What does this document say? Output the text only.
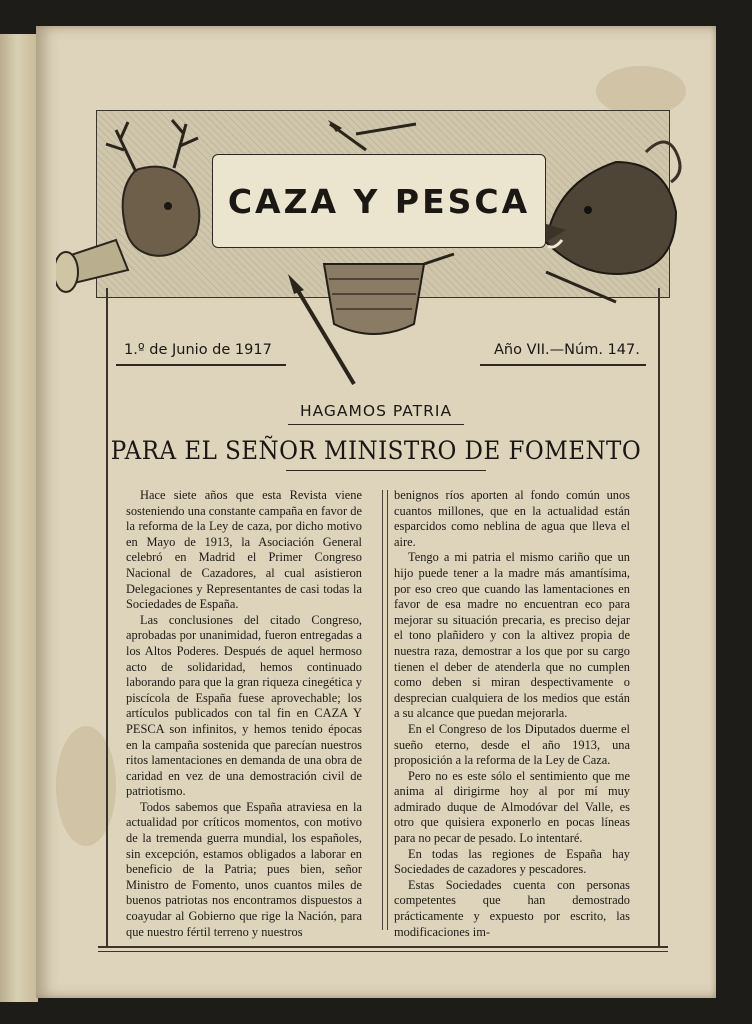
CAZA Y PESCA
1.º de Junio de 1917	Año VII.—Núm. 147.
HAGAMOS PATRIA
PARA EL SEÑOR MINISTRO DE FOMENTO

Hace siete años que esta Revista viene sosteniendo una constante campaña en favor de la reforma de la Ley de caza, por dicho motivo en Mayo de 1913, la Asociación General celebró en Madrid el Primer Congreso Nacional de Cazadores, al cual asistieron Delegaciones y Representantes de casi todas la Sociedades de España.

Las conclusiones del citado Congreso, aprobadas por unanimidad, fueron entregadas a los Altos Poderes. Después de aquel hermoso acto de solidaridad, hemos continuado laborando para que la gran riqueza cinegética y piscícola de España fuese aprovechable; los artículos publicados con tal fin en CAZA Y PESCA son infinitos, y hemos tenido épocas en la campaña sostenida que parecían nuestros ritos lamentaciones en demanda de una obra de caridad en vez de una demostración civil de patriotismo.

Todos sabemos que España atraviesa en la actualidad por críticos momentos, con motivo de la tremenda guerra mundial, los españoles, sin excepción, estamos obligados a laborar en beneficio de la Patria; pues bien, señor Ministro de Fomento, unos cuantos miles de buenos patriotas nos encontramos dispuestos a coayudar al Gobierno que rige la Nación, para que nuestro fértil terreno y nuestros

benignos ríos aporten al fondo común unos cuantos millones, que en la actualidad están esparcidos como neblina de agua que lleva el aire.

Tengo a mi patria el mismo cariño que un hijo puede tener a la madre más amantísima, por eso creo que cuando las lamentaciones en favor de esa madre no encuentran eco para mejorar su situación precaria, es preciso dejar el tono plañidero y con la altivez propia de nuestra raza, demostrar a los que por su cargo tienen el deber de atenderla que no cumplen como deben si miran despectivamente o desprecian cualquiera de los medios que están a su alcance que puedan mejorarla.

En el Congreso de los Diputados duerme el sueño eterno, desde el año 1913, una proposición a la reforma de la Ley de Caza.

Pero no es este sólo el sentimiento que me anima al dirigirme hoy al por mí muy admirado duque de Almodóvar del Valle, es otro que quisiera exponerlo en pocas líneas para no pecar de pesado. Lo intentaré.

En todas las regiones de España hay Sociedades de cazadores y pescadores.

Estas Sociedades cuenta con personas competentes que han demostrado prácticamente y expuesto por escrito, las modificaciones im-
